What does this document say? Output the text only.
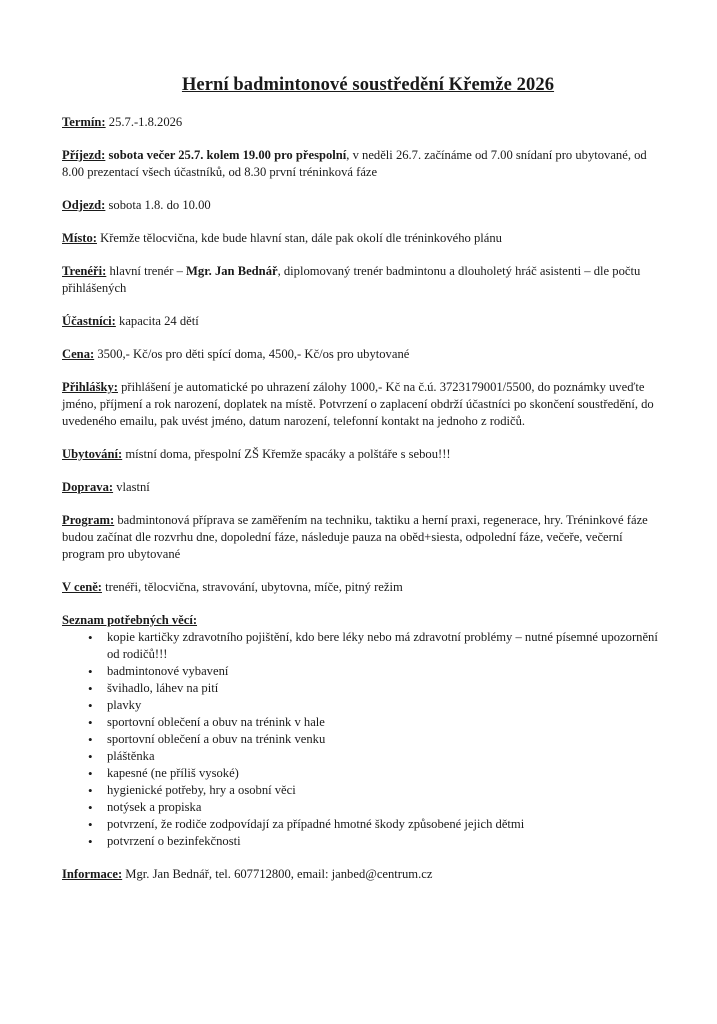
Herní badmintonové soustředění Křemže 2026
Termín: 25.7.-1.8.2026
Příjezd: sobota večer 25.7. kolem 19.00 pro přespolní, v neděli 26.7. začínáme od 7.00 snídaní pro ubytované, od 8.00 prezentací všech účastníků, od 8.30 první tréninková fáze
Odjezd: sobota 1.8. do 10.00
Místo: Křemže tělocvična, kde bude hlavní stan, dále pak okolí dle tréninkového plánu
Trenéři: hlavní trenér – Mgr. Jan Bednář, diplomovaný trenér badmintonu a dlouholetý hráč asistenti – dle počtu přihlášených
Účastníci: kapacita 24 dětí
Cena: 3500,- Kč/os pro děti spící doma, 4500,- Kč/os pro ubytované
Přihlášky: přihlášení je automatické po uhrazení zálohy 1000,- Kč na č.ú. 3723179001/5500, do poznámky uveďte jméno, příjmení a rok narození, doplatek na místě. Potvrzení o zaplacení obdrží účastníci po skončení soustředění, do uvedeného emailu, pak uvést jméno, datum narození, telefonní kontakt na jednoho z rodičů.
Ubytování: místní doma, přespolní ZŠ Křemže spacáky a polštáře s sebou!!!
Doprava: vlastní
Program: badmintonová příprava se zaměřením na techniku, taktiku a herní praxi, regenerace, hry. Tréninkové fáze budou začínat dle rozvrhu dne, dopolední fáze, následuje pauza na oběd+siesta, odpolední fáze, večeře, večerní program pro ubytované
V ceně: trenéři, tělocvična, stravování, ubytovna, míče, pitný režim
Seznam potřebných věcí:
• kopie kartičky zdravotního pojištění, kdo bere léky nebo má zdravotní problémy – nutné písemné upozornění od rodičů!!!
• badmintonové vybavení
• švihadlo, láhev na pití
• plavky
• sportovní oblečení a obuv na trénink v hale
• sportovní oblečení a obuv na trénink venku
• pláštěnka
• kapesné (ne příliš vysoké)
• hygienické potřeby, hry a osobní věci
• notýsek a propiska
• potvrzení, že rodiče zodpovídají za případné hmotné škody způsobené jejich dětmi
• potvrzení o bezinfekčnosti
Informace: Mgr. Jan Bednář, tel. 607712800, email: janbed@centrum.cz
